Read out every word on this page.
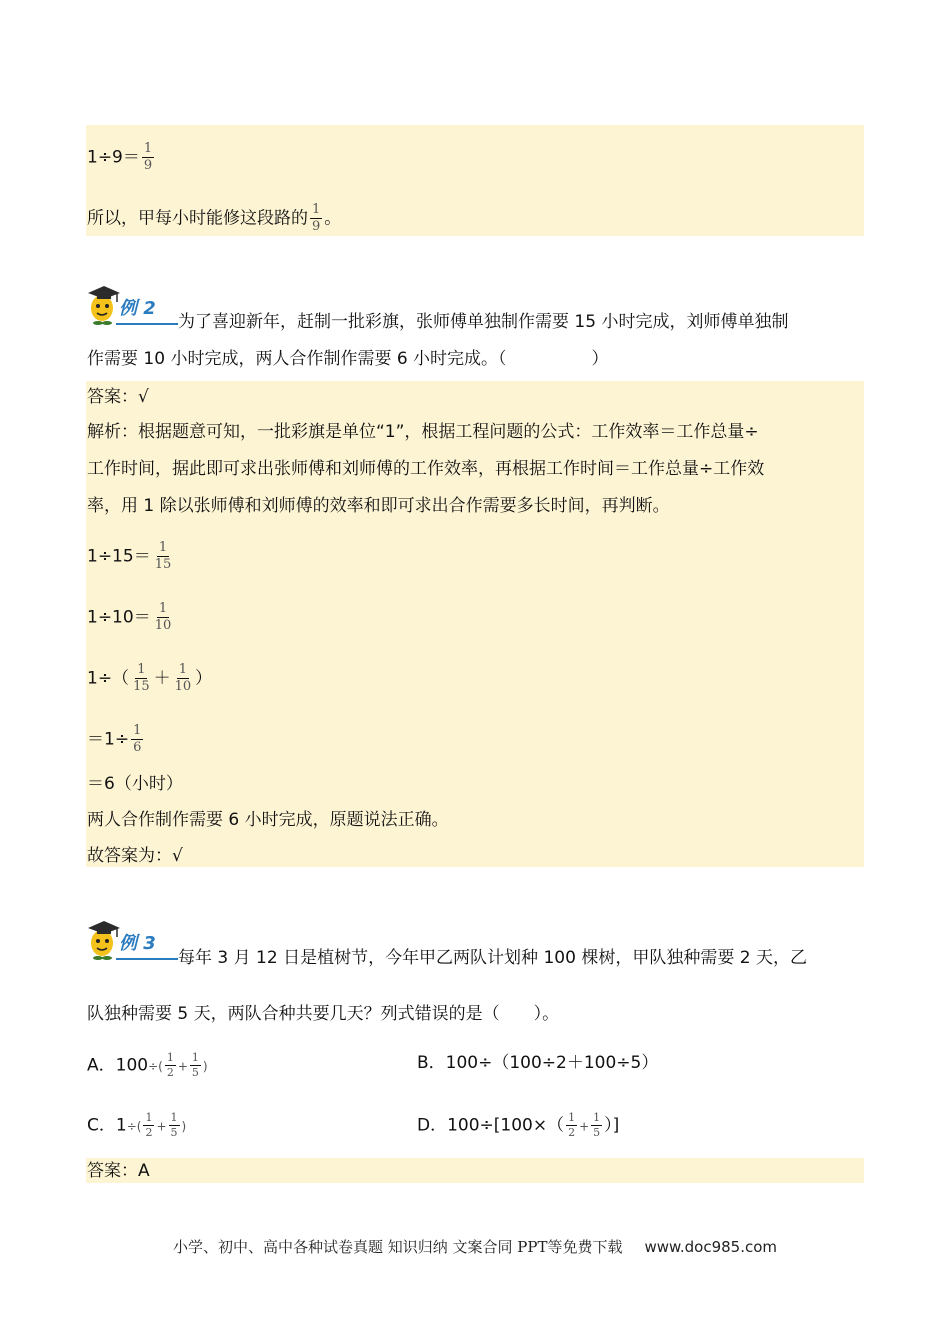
$1\div 9= \frac{1}{9}$
所以，甲每小时能修这段路的 $\frac{1}{9}$ 。
例 2
为了喜迎新年，赶制一批彩旗，张师傅单独制作需要 15 小时完成，刘师傅单独制
作需要 10 小时完成，两人合作制作需要 6 小时完成。（　　　　　）
答案：√
解析：根据题意可知，一批彩旗是单位“1”，根据工程问题的公式：工作效率＝工作总量÷
工作时间，据此即可求出张师傅和刘师傅的工作效率，再根据工作时间＝工作总量÷工作效
率，用 1 除以张师傅和刘师傅的效率和即可求出合作需要多长时间，再判断。
$1\div 15= \frac{1}{15}$
$1\div 10= \frac{1}{10}$
$1\div( \frac{1}{15} + \frac{1}{10}$ ）
$=1\div \frac{1}{6}$
＝6（小时）
两人合作制作需要 6 小时完成，原题说法正确。
故答案为：√
例 3
每年 3 月 12 日是植树节，今年甲乙两队计划种 100 棵树，甲队独种需要 2 天，乙
队独种需要 5 天，两队合种共要几天？列式错误的是（　　）。
A．$100\div( \frac{1}{2} + \frac{1}{5}$ )	B．100÷（100÷2＋100÷5）
C．$1\div( \frac{1}{2} + \frac{1}{5}$ )	D．$100\div[100\times( \frac{1}{2} + \frac{1}{5}$ ）]
答案：A
小学、初中、高中各种试卷真题 知识归纳 文案合同 PPT等免费下载 www.doc985.com
